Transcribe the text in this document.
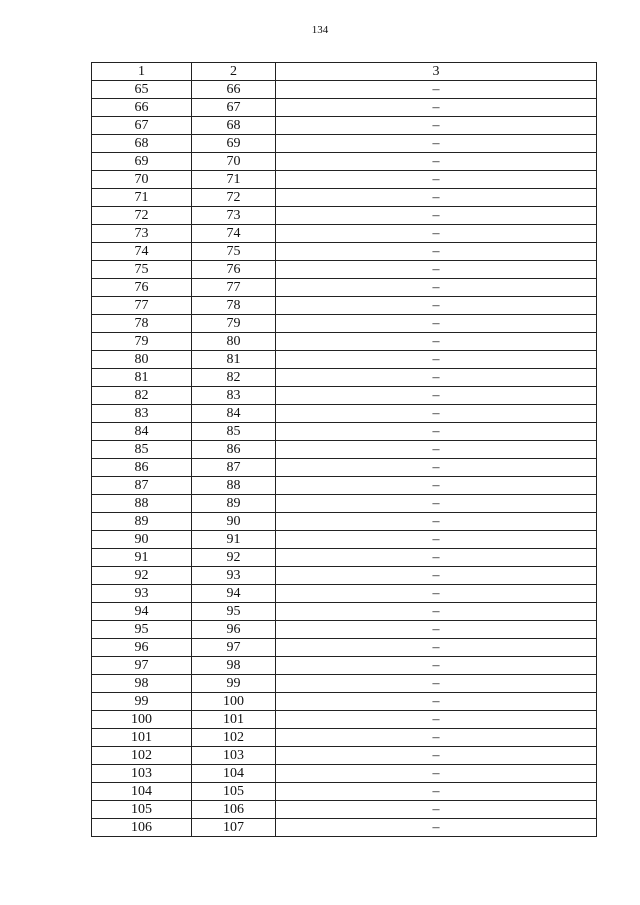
134
1	2	3
65	66	–
66	67	–
67	68	–
68	69	–
69	70	–
70	71	–
71	72	–
72	73	–
73	74	–
74	75	–
75	76	–
76	77	–
77	78	–
78	79	–
79	80	–
80	81	–
81	82	–
82	83	–
83	84	–
84	85	–
85	86	–
86	87	–
87	88	–
88	89	–
89	90	–
90	91	–
91	92	–
92	93	–
93	94	–
94	95	–
95	96	–
96	97	–
97	98	–
98	99	–
99	100	–
100	101	–
101	102	–
102	103	–
103	104	–
104	105	–
105	106	–
106	107	–
